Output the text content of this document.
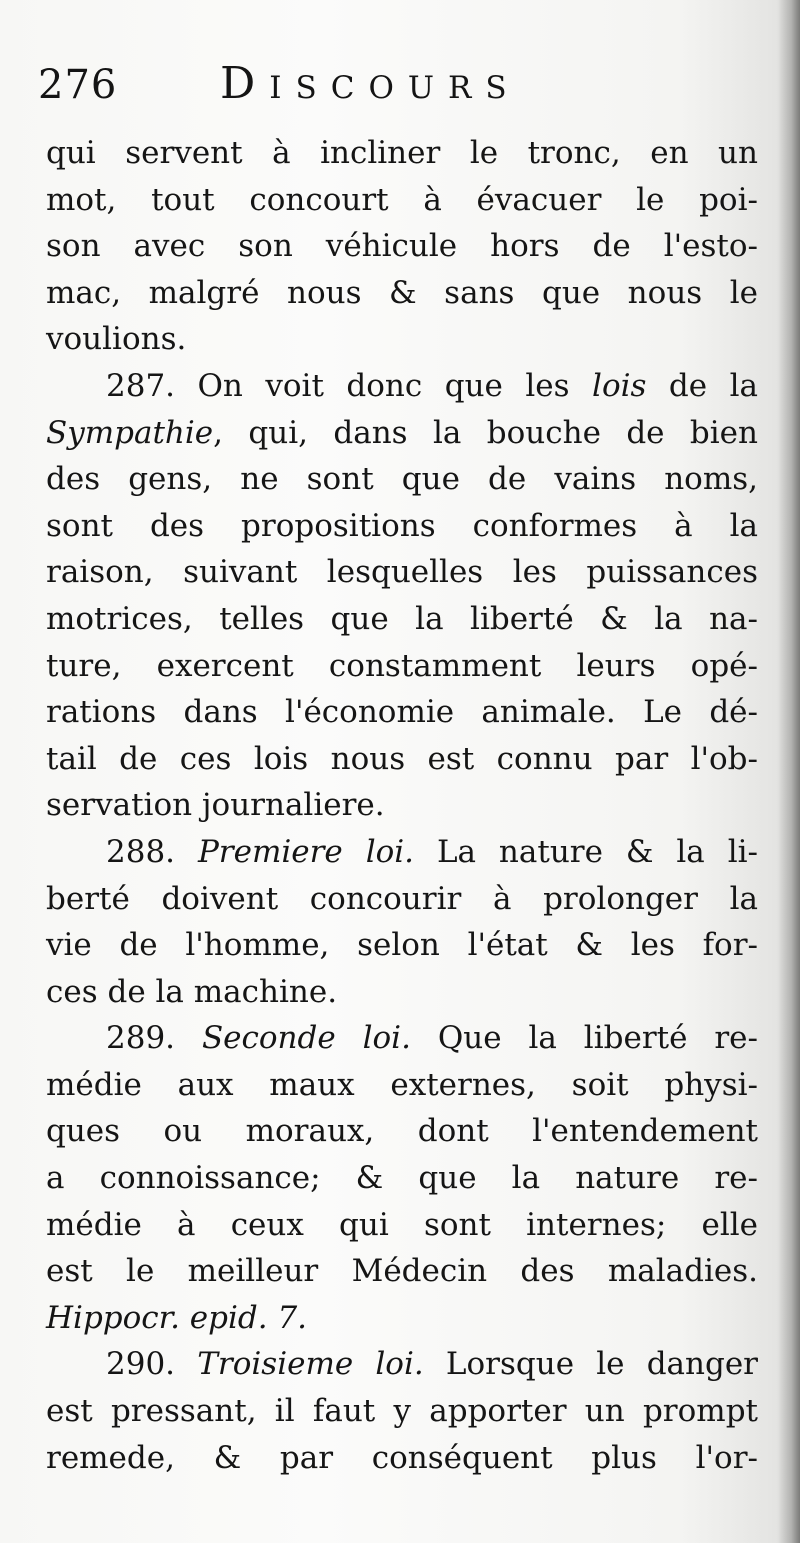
276 Discours
qui servent à incliner le tronc, en un
mot, tout concourt à évacuer le poi-
son avec son véhicule hors de l'esto-
mac, malgré nous & sans que nous le
voulions.
287. On voit donc que les lois de la
Sympathie, qui, dans la bouche de bien
des gens, ne sont que de vains noms,
sont des propositions conformes à la
raison, suivant lesquelles les puissances
motrices, telles que la liberté & la na-
ture, exercent constamment leurs opé-
rations dans l'économie animale. Le dé-
tail de ces lois nous est connu par l'ob-
servation journaliere.
288. Premiere loi. La nature & la li-
berté doivent concourir à prolonger la
vie de l'homme, selon l'état & les for-
ces de la machine.
289. Seconde loi. Que la liberté re-
médie aux maux externes, soit physi-
ques ou moraux, dont l'entendement
a connoissance; & que la nature re-
médie à ceux qui sont internes; elle
est le meilleur Médecin des maladies.
Hippocr. epid. 7.
290. Troisieme loi. Lorsque le danger
est pressant, il faut y apporter un prompt
remede, & par conséquent plus l'or-
